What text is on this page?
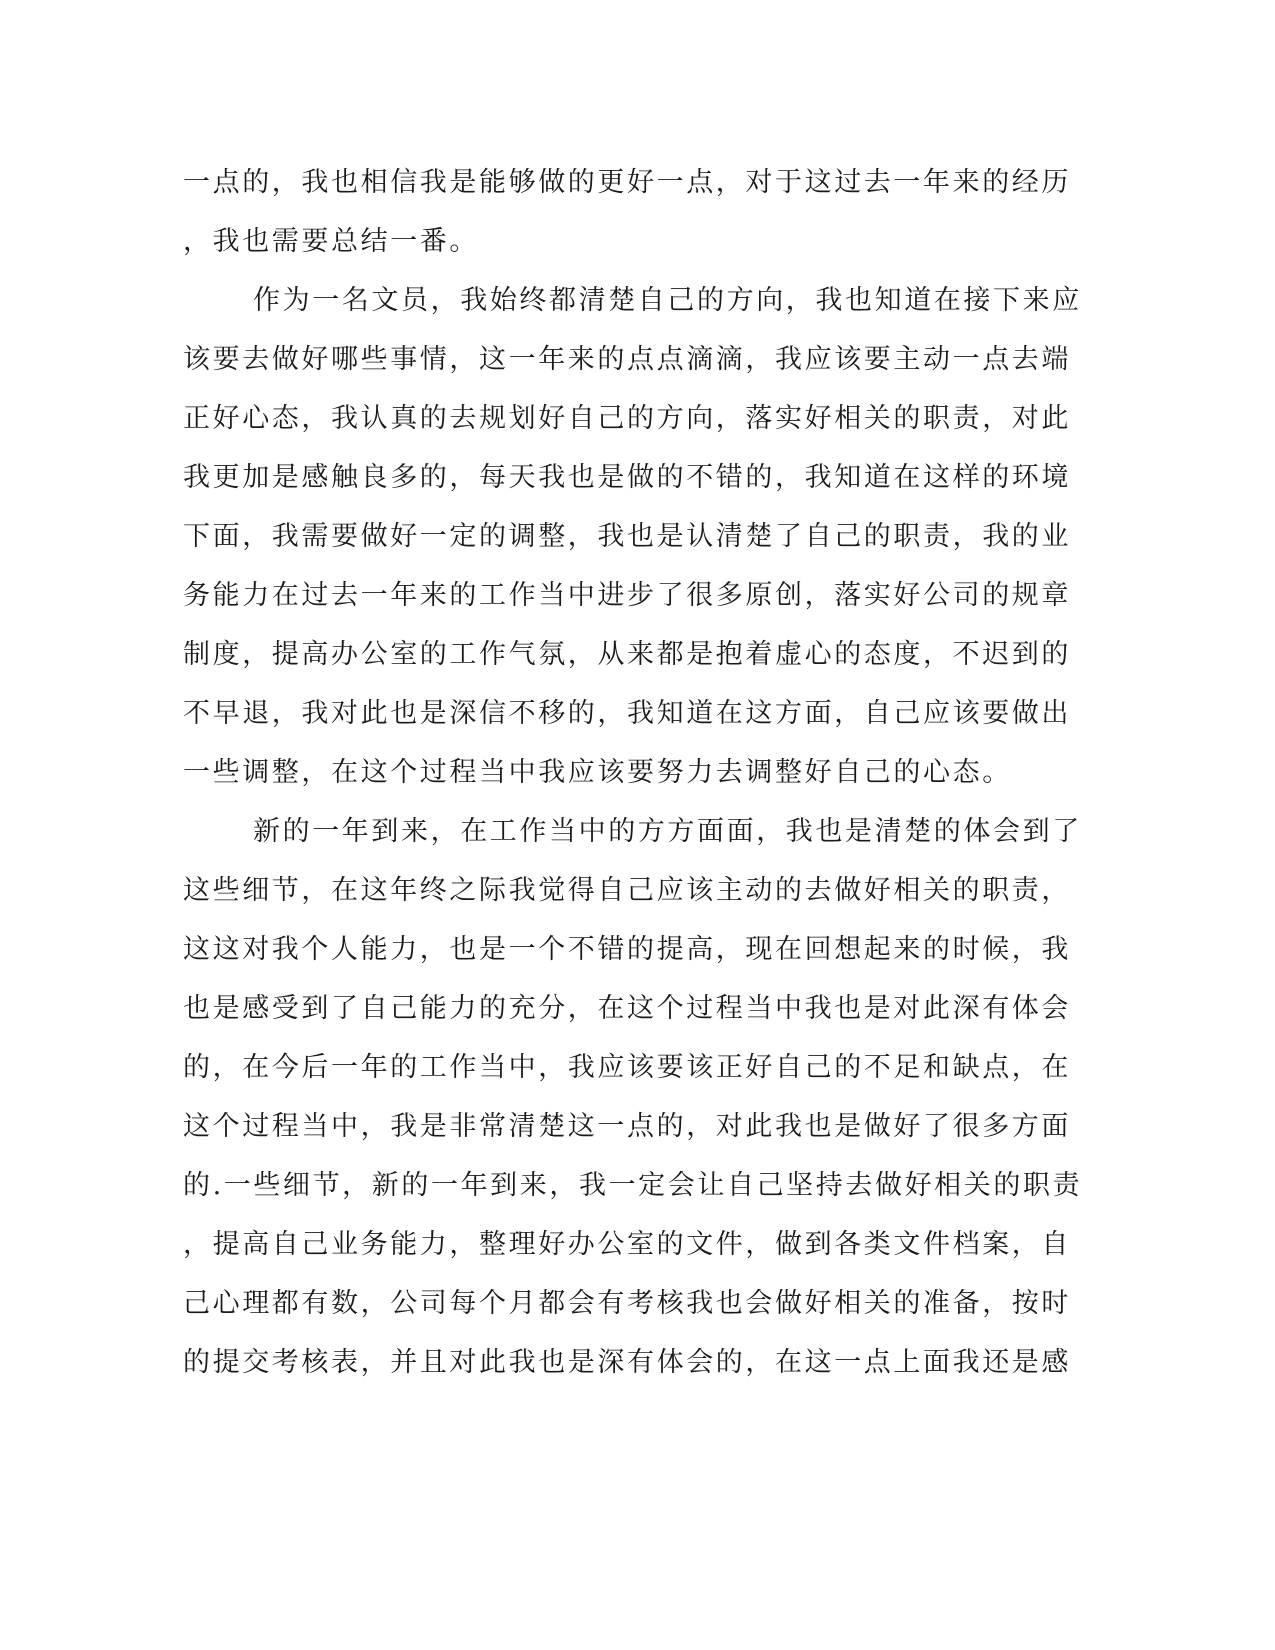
一点的，我也相信我是能够做的更好一点，对于这过去一年来的经历
，我也需要总结一番。
作为一名文员，我始终都清楚自己的方向，我也知道在接下来应
该要去做好哪些事情，这一年来的点点滴滴，我应该要主动一点去端
正好心态，我认真的去规划好自己的方向，落实好相关的职责，对此
我更加是感触良多的，每天我也是做的不错的，我知道在这样的环境
下面，我需要做好一定的调整，我也是认清楚了自己的职责，我的业
务能力在过去一年来的工作当中进步了很多原创，落实好公司的规章
制度，提高办公室的工作气氛，从来都是抱着虚心的态度，不迟到的
不早退，我对此也是深信不移的，我知道在这方面，自己应该要做出
一些调整，在这个过程当中我应该要努力去调整好自己的心态。
新的一年到来，在工作当中的方方面面，我也是清楚的体会到了
这些细节，在这年终之际我觉得自己应该主动的去做好相关的职责，
这这对我个人能力，也是一个不错的提高，现在回想起来的时候，我
也是感受到了自己能力的充分，在这个过程当中我也是对此深有体会
的，在今后一年的工作当中，我应该要该正好自己的不足和缺点，在
这个过程当中，我是非常清楚这一点的，对此我也是做好了很多方面
的.一些细节，新的一年到来，我一定会让自己坚持去做好相关的职责
，提高自己业务能力，整理好办公室的文件，做到各类文件档案，自
己心理都有数，公司每个月都会有考核我也会做好相关的准备，按时
的提交考核表，并且对此我也是深有体会的，在这一点上面我还是感
